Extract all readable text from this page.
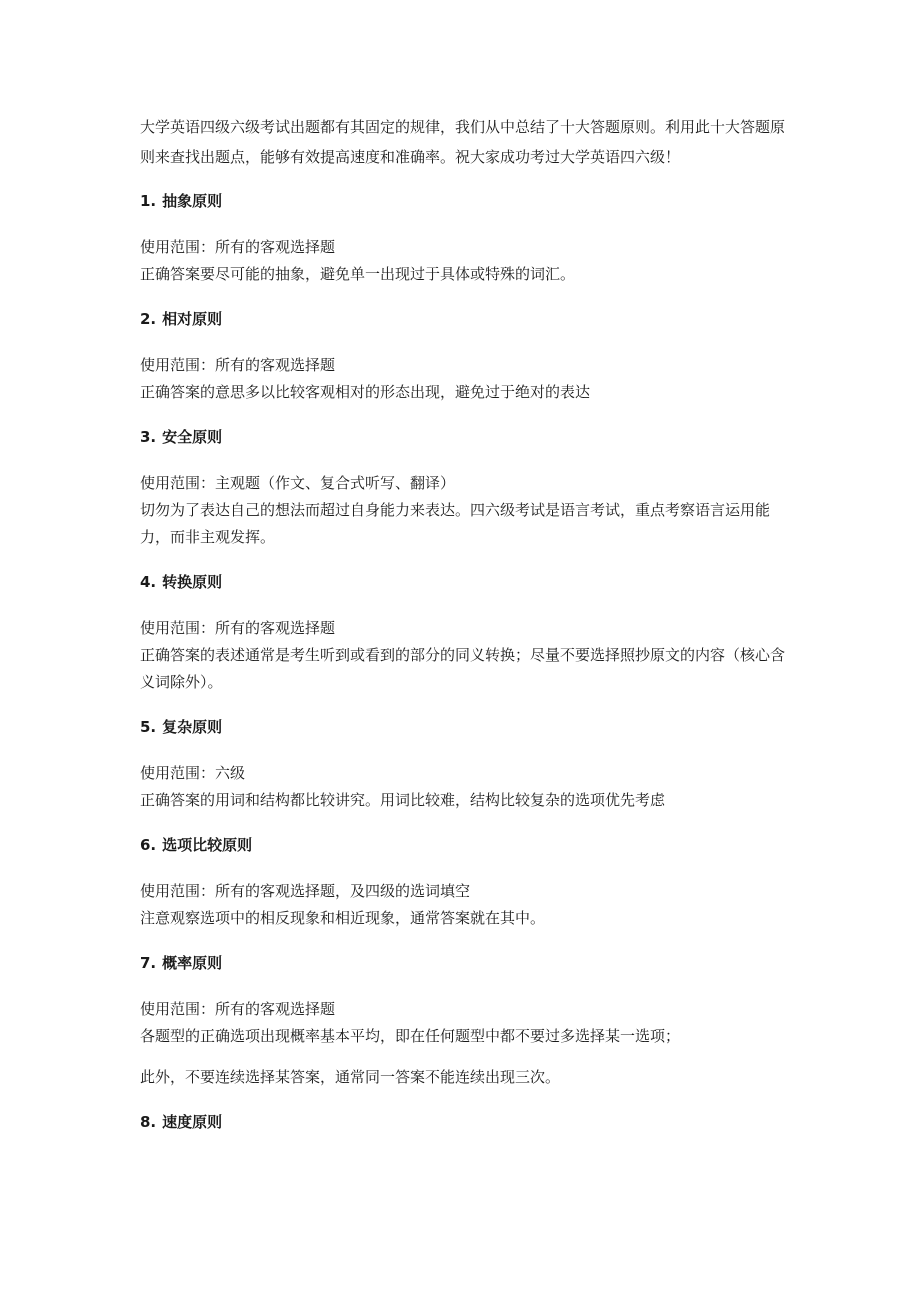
大学英语四级六级考试出题都有其固定的规律，我们从中总结了十大答题原则。利用此十大答题原则来查找出题点，能够有效提高速度和准确率。祝大家成功考过大学英语四六级！

1. 抽象原则

使用范围：所有的客观选择题

正确答案要尽可能的抽象，避免单一出现过于具体或特殊的词汇。

2. 相对原则

使用范围：所有的客观选择题

正确答案的意思多以比较客观相对的形态出现，避免过于绝对的表达

3. 安全原则

使用范围：主观题（作文、复合式听写、翻译）

切勿为了表达自己的想法而超过自身能力来表达。四六级考试是语言考试，重点考察语言运用能力，而非主观发挥。

4. 转换原则

使用范围：所有的客观选择题

正确答案的表述通常是考生听到或看到的部分的同义转换；尽量不要选择照抄原文的内容（核心含义词除外）。

5. 复杂原则

使用范围：六级

正确答案的用词和结构都比较讲究。用词比较难，结构比较复杂的选项优先考虑

6. 选项比较原则

使用范围：所有的客观选择题，及四级的选词填空

注意观察选项中的相反现象和相近现象，通常答案就在其中。

7. 概率原则

使用范围：所有的客观选择题

各题型的正确选项出现概率基本平均，即在任何题型中都不要过多选择某一选项；

此外，不要连续选择某答案，通常同一答案不能连续出现三次。

8. 速度原则
